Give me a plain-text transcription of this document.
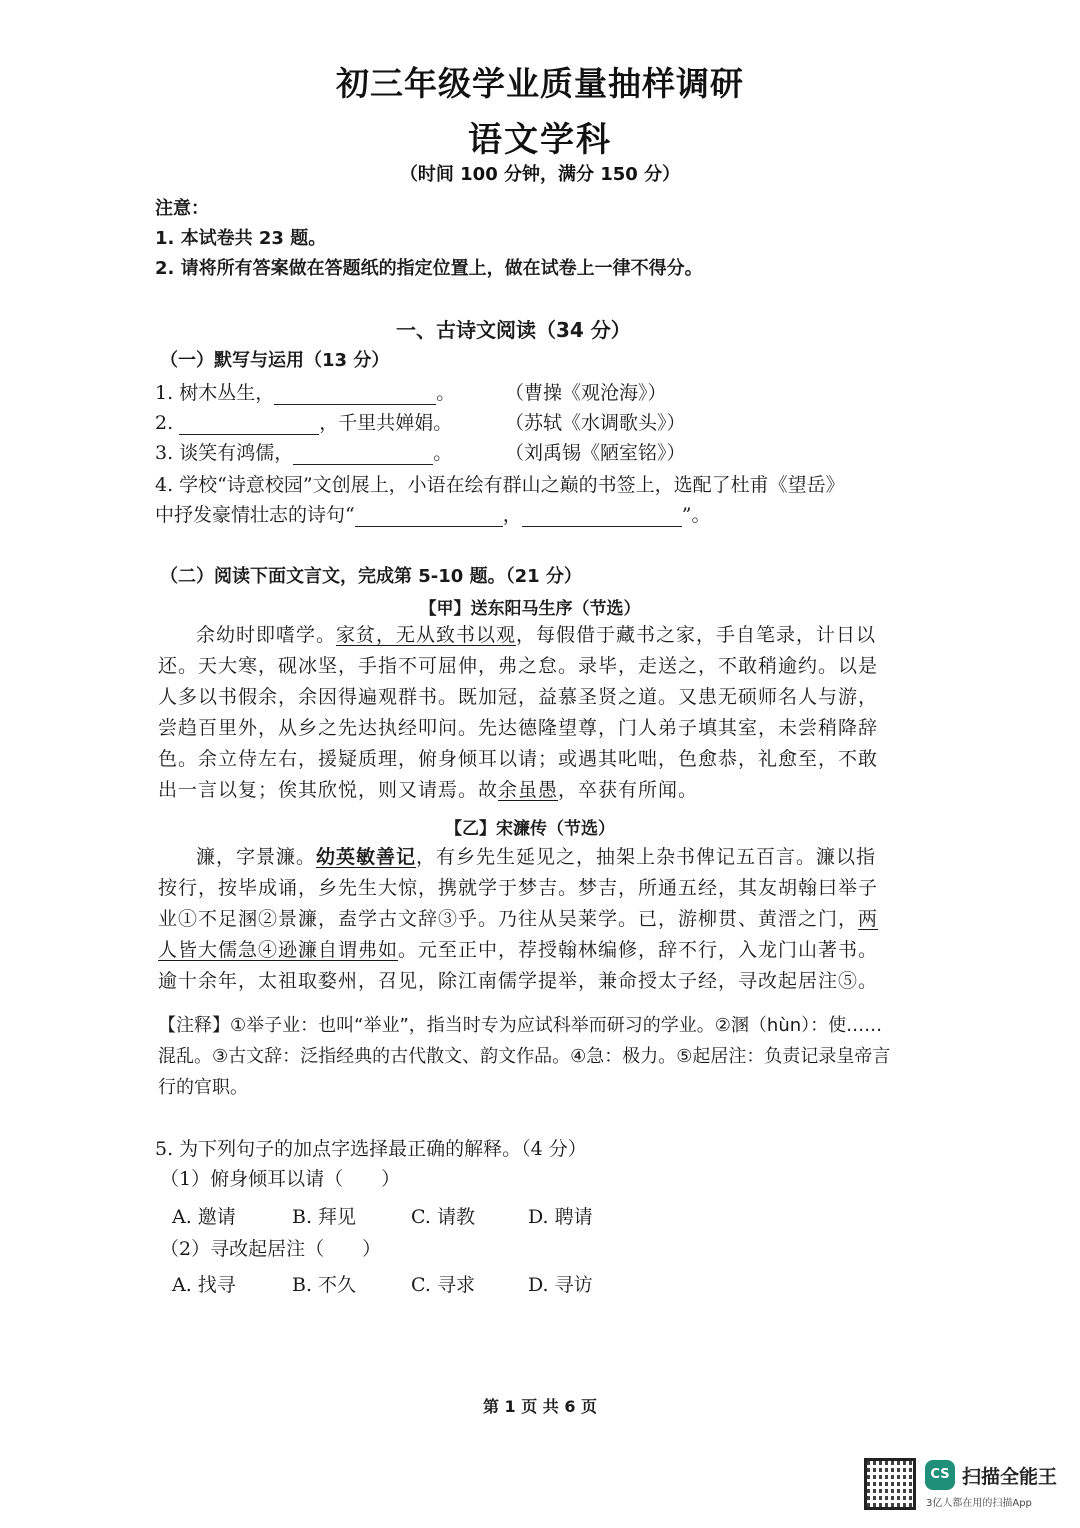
初三年级学业质量抽样调研
语文学科
（时间 100 分钟，满分 150 分）
注意：
1. 本试卷共 23 题。
2. 请将所有答案做在答题纸的指定位置上，做在试卷上一律不得分。
一、古诗文阅读（34 分）
（一）默写与运用（13 分）
1. 树木丛生，	。	（曹操《观沧海》）
2.	，千里共婵娟。	（苏轼《水调歌头》）
3. 谈笑有鸿儒，	。	（刘禹锡《陋室铭》）
4. 学校“诗意校园”文创展上，小语在绘有群山之巅的书签上，选配了杜甫《望岳》
中抒发豪情壮志的诗句“	，	”。
（二）阅读下面文言文，完成第 5-10 题。（21 分）
【甲】送东阳马生序（节选）
余幼时即嗜学。家贫，无从致书以观，每假借于藏书之家，手自笔录，计日以还。天大寒，砚冰坚，手指不可屈伸，弗之怠。录毕，走送之，不敢稍逾约。以是人多以书假余，余因得遍观群书。既加冠，益慕圣贤之道。又患无硕师名人与游，尝趋百里外，从乡之先达执经叩问。先达德隆望尊，门人弟子填其室，未尝稍降辞色。余立侍左右，援疑质理，俯身倾耳以请；或遇其叱咄，色愈恭，礼愈至，不敢出一言以复；俟其欣悦，则又请焉。故余虽愚，卒获有所闻。
【乙】宋濂传（节选）
濂，字景濂。幼英敏善记，有乡先生延见之，抽架上杂书俾记五百言。濂以指按行，按毕成诵，乡先生大惊，携就学于梦吉。梦吉，所通五经，其友胡翰曰举子业①不足溷②景濂，盍学古文辞③乎。乃往从吴莱学。已，游柳贯、黄溍之门，两人皆大儒急④逊濂自谓弗如。元至正中，荐授翰林编修，辞不行，入龙门山著书。逾十余年，太祖取婺州，召见，除江南儒学提举，兼命授太子经，寻改起居注⑤。
【注释】①举子业：也叫“举业”，指当时专为应试科举而研习的学业。②溷（hùn）：使……混乱。③古文辞：泛指经典的古代散文、韵文作品。④急：极力。⑤起居注：负责记录皇帝言行的官职。
5. 为下列句子的加点字选择最正确的解释。（4 分）
（1）俯身倾耳以请（　　）
A. 邀请	B. 拜见	C. 请教	D. 聘请
（2）寻改起居注（　　）
A. 找寻	B. 不久	C. 寻求	D. 寻访
第 1 页 共 6 页
CS 扫描全能王
3亿人都在用的扫描App
